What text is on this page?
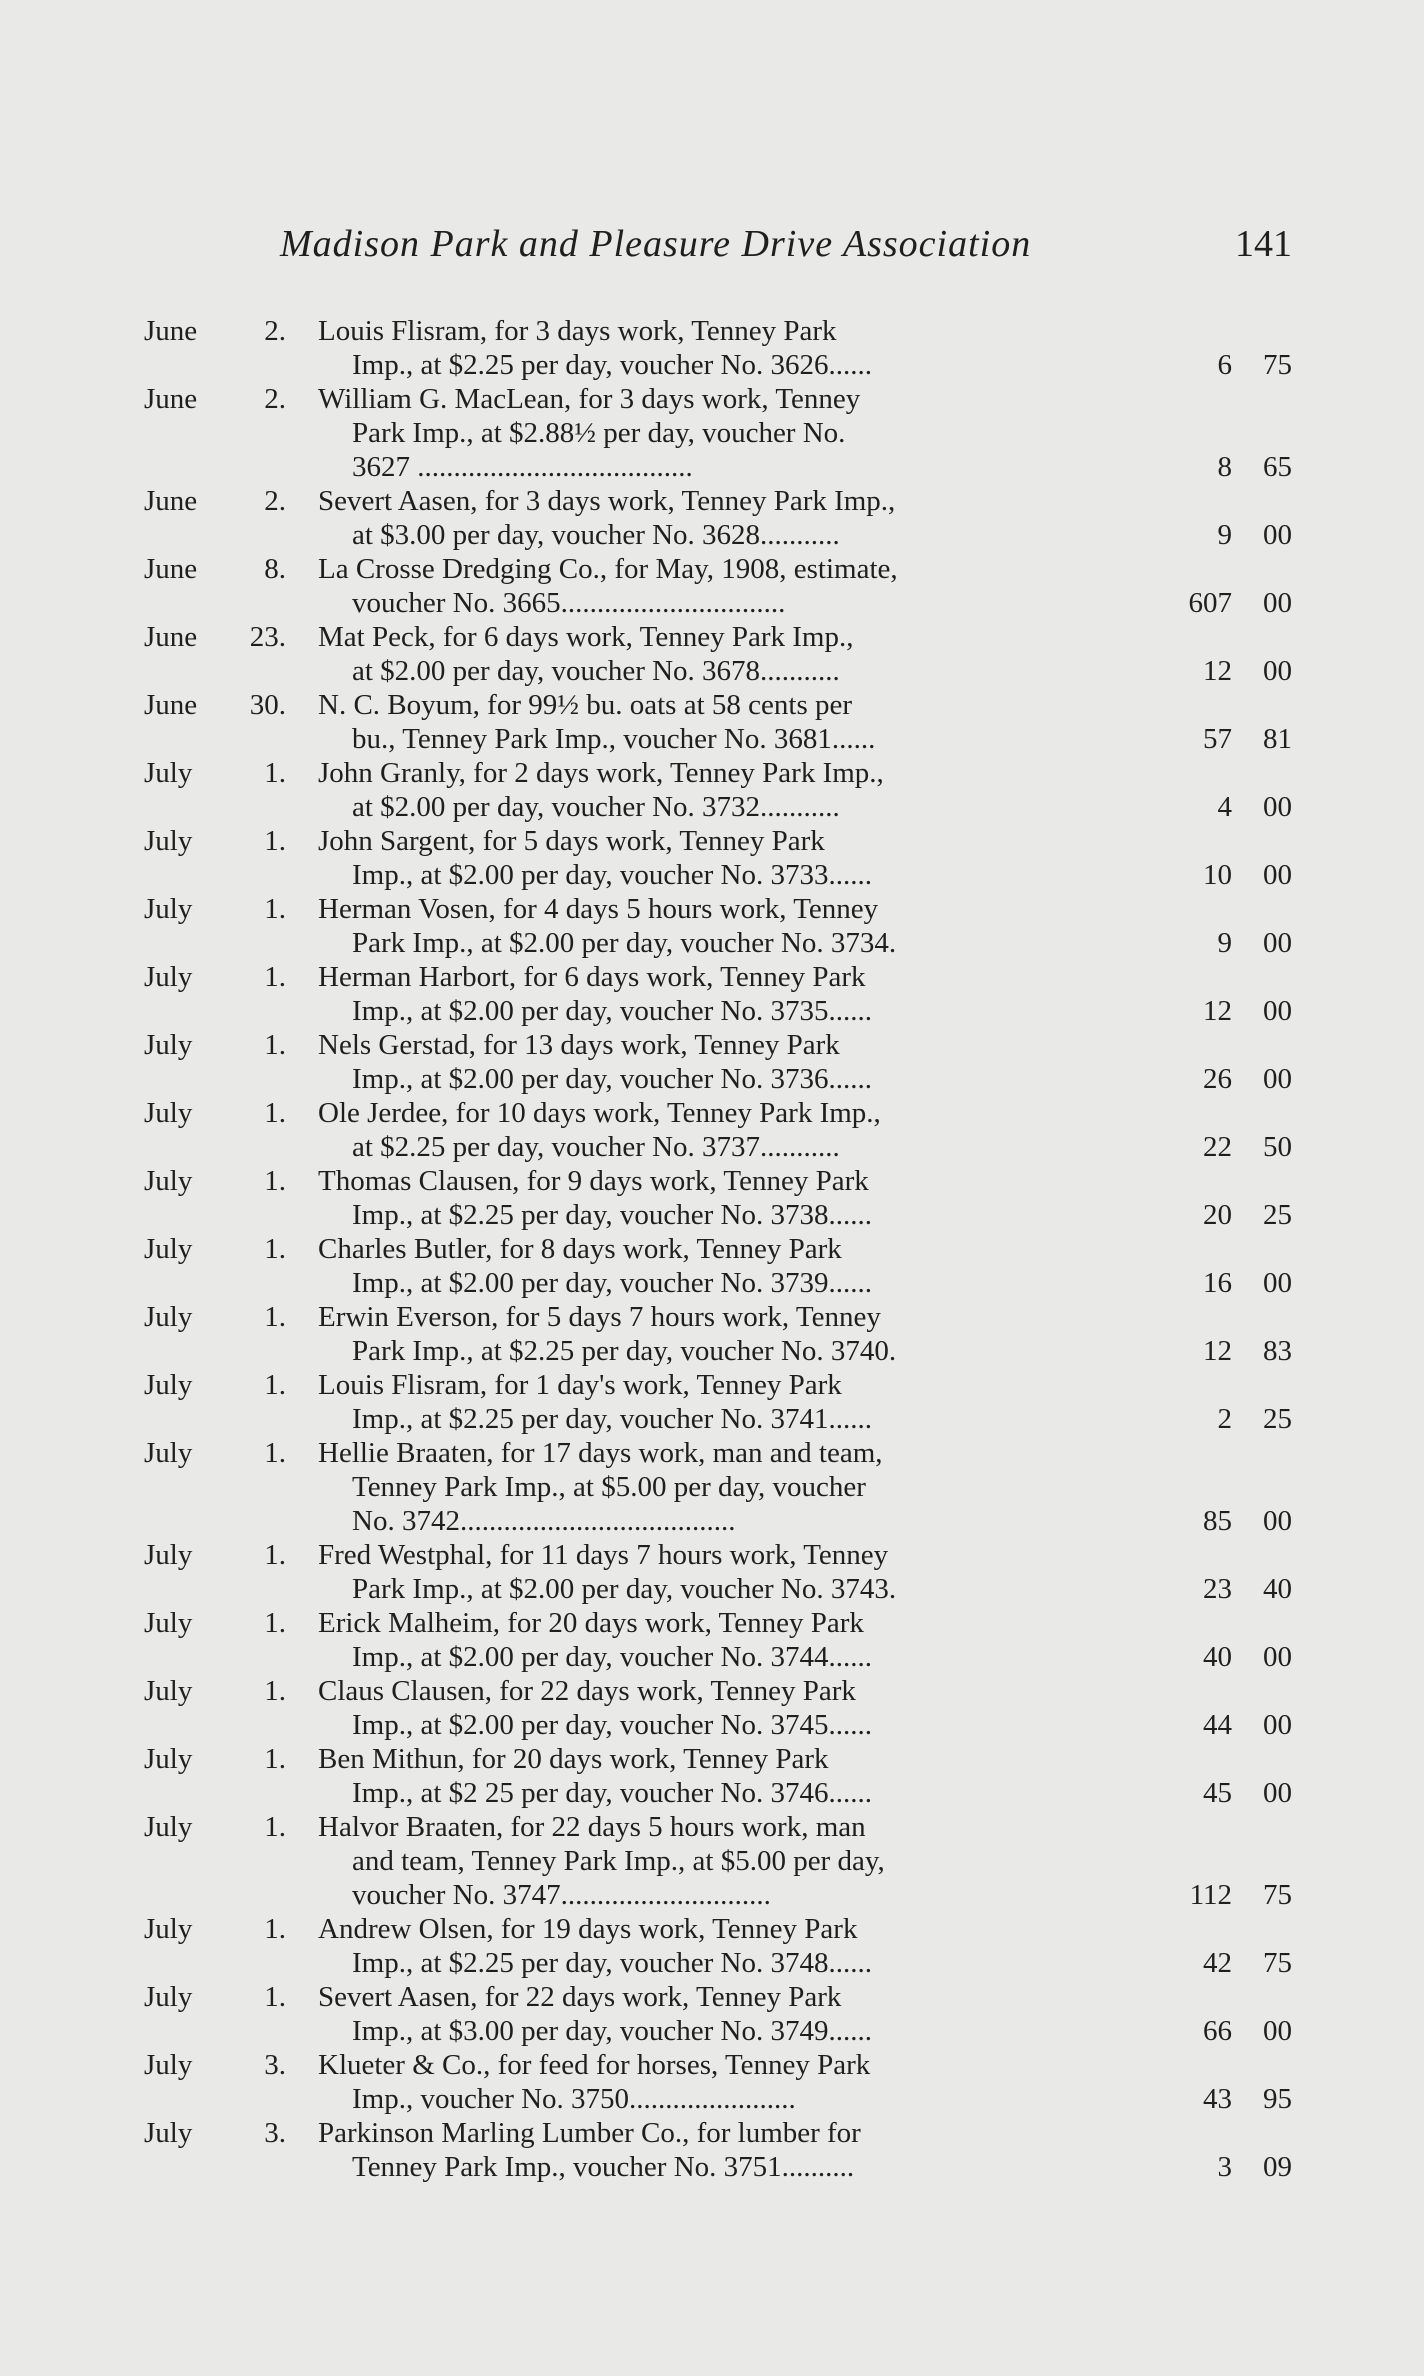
Madison Park and Pleasure Drive Association	141
June	2. Louis Flisram, for 3 days work, Tenney Park
Imp., at $2.25 per day, voucher No. 3626......	6 75
June	2. William G. MacLean, for 3 days work, Tenney
Park Imp., at $2.88½ per day, voucher No.
3627 ......................................	8 65
June	2. Severt Aasen, for 3 days work, Tenney Park Imp.,
at $3.00 per day, voucher No. 3628...........	9 00
June	8. La Crosse Dredging Co., for May, 1908, estimate,
voucher No. 3665...............................	607 00
June	23. Mat Peck, for 6 days work, Tenney Park Imp.,
at $2.00 per day, voucher No. 3678...........	12 00
June	30. N. C. Boyum, for 99½ bu. oats at 58 cents per
bu., Tenney Park Imp., voucher No. 3681......	57 81
July	1. John Granly, for 2 days work, Tenney Park Imp.,
at $2.00 per day, voucher No. 3732...........	4 00
July	1. John Sargent, for 5 days work, Tenney Park
Imp., at $2.00 per day, voucher No. 3733......	10 00
July	1. Herman Vosen, for 4 days 5 hours work, Tenney
Park Imp., at $2.00 per day, voucher No. 3734.	9 00
July	1. Herman Harbort, for 6 days work, Tenney Park
Imp., at $2.00 per day, voucher No. 3735......	12 00
July	1. Nels Gerstad, for 13 days work, Tenney Park
Imp., at $2.00 per day, voucher No. 3736......	26 00
July	1. Ole Jerdee, for 10 days work, Tenney Park Imp.,
at $2.25 per day, voucher No. 3737...........	22 50
July	1. Thomas Clausen, for 9 days work, Tenney Park
Imp., at $2.25 per day, voucher No. 3738......	20 25
July	1. Charles Butler, for 8 days work, Tenney Park
Imp., at $2.00 per day, voucher No. 3739......	16 00
July	1. Erwin Everson, for 5 days 7 hours work, Tenney
Park Imp., at $2.25 per day, voucher No. 3740.	12 83
July	1. Louis Flisram, for 1 day's work, Tenney Park
Imp., at $2.25 per day, voucher No. 3741......	2 25
July	1. Hellie Braaten, for 17 days work, man and team,
Tenney Park Imp., at $5.00 per day, voucher
No. 3742......................................	85 00
July	1. Fred Westphal, for 11 days 7 hours work, Tenney
Park Imp., at $2.00 per day, voucher No. 3743.	23 40
July	1. Erick Malheim, for 20 days work, Tenney Park
Imp., at $2.00 per day, voucher No. 3744......	40 00
July	1. Claus Clausen, for 22 days work, Tenney Park
Imp., at $2.00 per day, voucher No. 3745......	44 00
July	1. Ben Mithun, for 20 days work, Tenney Park
Imp., at $2 25 per day, voucher No. 3746......	45 00
July	1. Halvor Braaten, for 22 days 5 hours work, man
and team, Tenney Park Imp., at $5.00 per day,
voucher No. 3747.............................	112 75
July	1. Andrew Olsen, for 19 days work, Tenney Park
Imp., at $2.25 per day, voucher No. 3748......	42 75
July	1. Severt Aasen, for 22 days work, Tenney Park
Imp., at $3.00 per day, voucher No. 3749......	66 00
July	3. Klueter & Co., for feed for horses, Tenney Park
Imp., voucher No. 3750.......................	43 95
July	3. Parkinson Marling Lumber Co., for lumber for
Tenney Park Imp., voucher No. 3751..........	3 09
